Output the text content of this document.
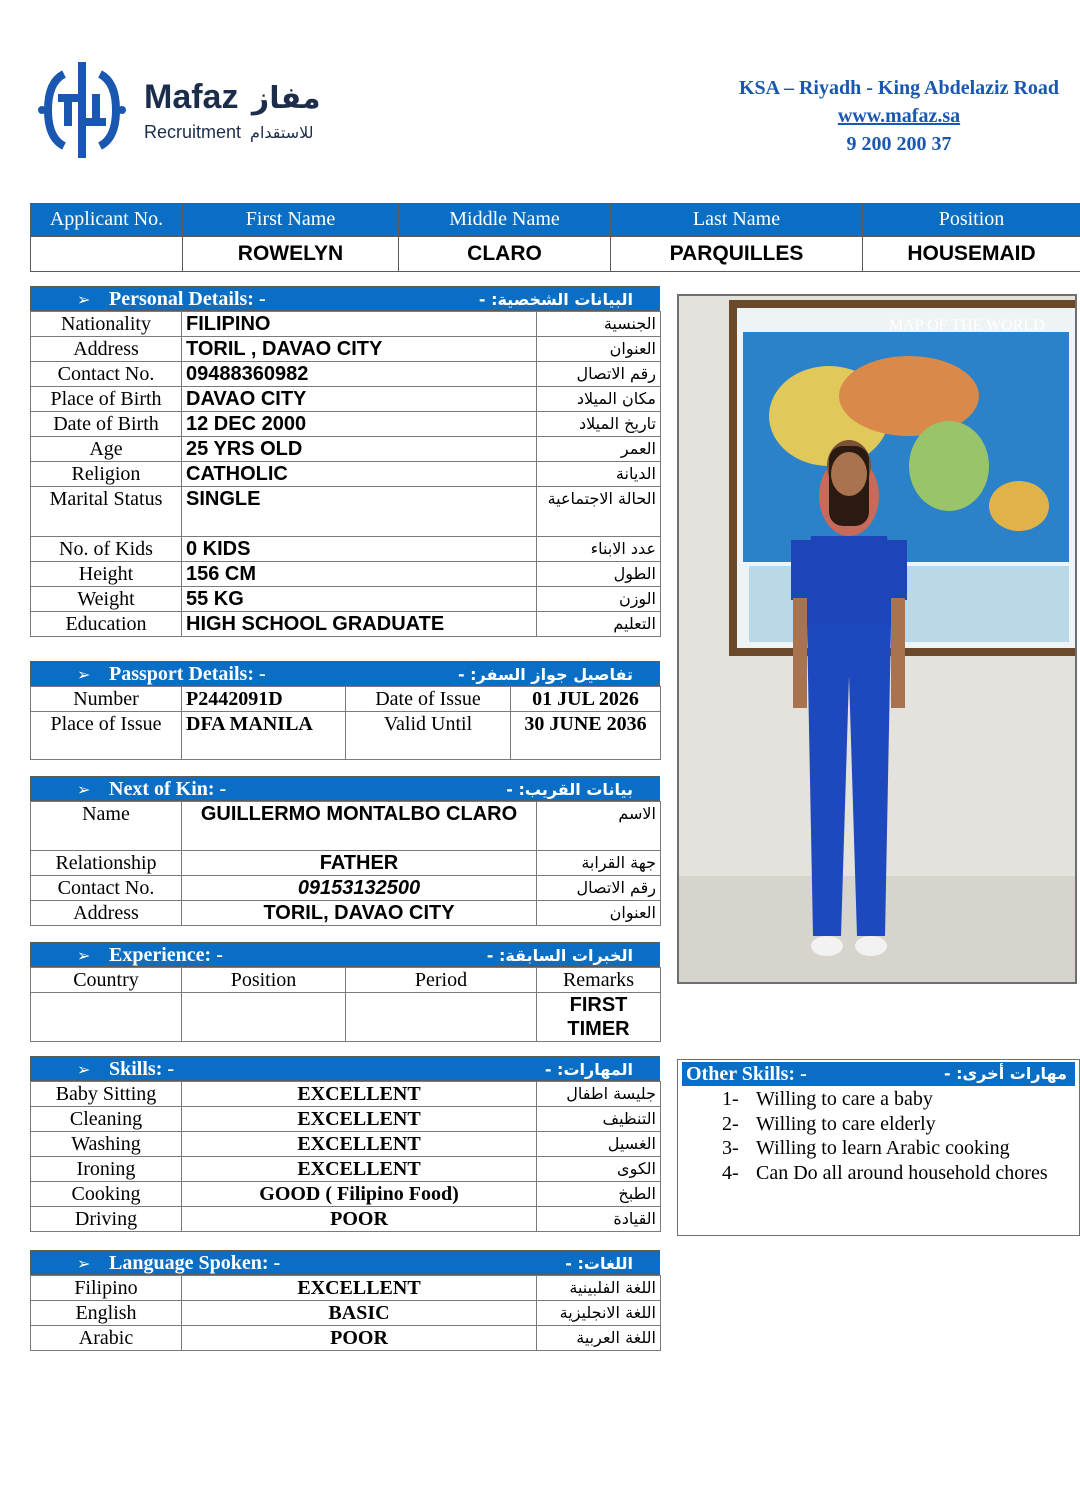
Mafaz مفاز
Recruitment للاستقدام
KSA – Riyadh - King Abdelaziz Road
www.mafaz.sa
9 200 200 37
Applicant No.	First Name	Middle Name	Last Name	Position
	ROWELYN	CLARO	PARQUILLES	HOUSEMAID
➢ Personal Details: -	البيانات الشخصية: -
Nationality	FILIPINO	الجنسية
Address	TORIL , DAVAO CITY	العنوان
Contact No.	09488360982	رقم الاتصال
Place of Birth	DAVAO CITY	مكان الميلاد
Date of Birth	12 DEC 2000	تاريخ الميلاد
Age	25 YRS OLD	العمر
Religion	CATHOLIC	الديانة
Marital Status	SINGLE	الحالة الاجتماعية
No. of Kids	0 KIDS	عدد الابناء
Height	156 CM	الطول
Weight	55 KG	الوزن
Education	HIGH SCHOOL GRADUATE	التعليم
➢ Passport Details: -	تفاصيل جواز السفر: -
Number	P2442091D	Date of Issue	01 JUL 2026
Place of Issue	DFA MANILA	Valid Until	30 JUNE 2036
➢ Next of Kin: -	بيانات القريب: -
Name	GUILLERMO MONTALBO CLARO	الاسم
Relationship	FATHER	جهة القرابة
Contact No.	09153132500	رقم الاتصال
Address	TORIL, DAVAO CITY	العنوان
➢ Experience: -	الخبرات السابقة: -
Country	Position	Period	Remarks
			FIRST TIMER
➢ Skills: -	المهارات: -
Baby Sitting	EXCELLENT	جليسة اطفال
Cleaning	EXCELLENT	التنظيف
Washing	EXCELLENT	الغسيل
Ironing	EXCELLENT	الكوى
Cooking	GOOD ( Filipino Food)	الطبخ
Driving	POOR	القيادة
➢ Language Spoken: -	اللغات: -
Filipino	EXCELLENT	اللغة الفلبينية
English	BASIC	اللغة الانجليزية
Arabic	POOR	اللغة العربية
MAP OF THE WORLD
Other Skills: -	مهارات أخرى: -
1- Willing to care a baby
2- Willing to care elderly
3- Willing to learn Arabic cooking
4- Can Do all around household chores
